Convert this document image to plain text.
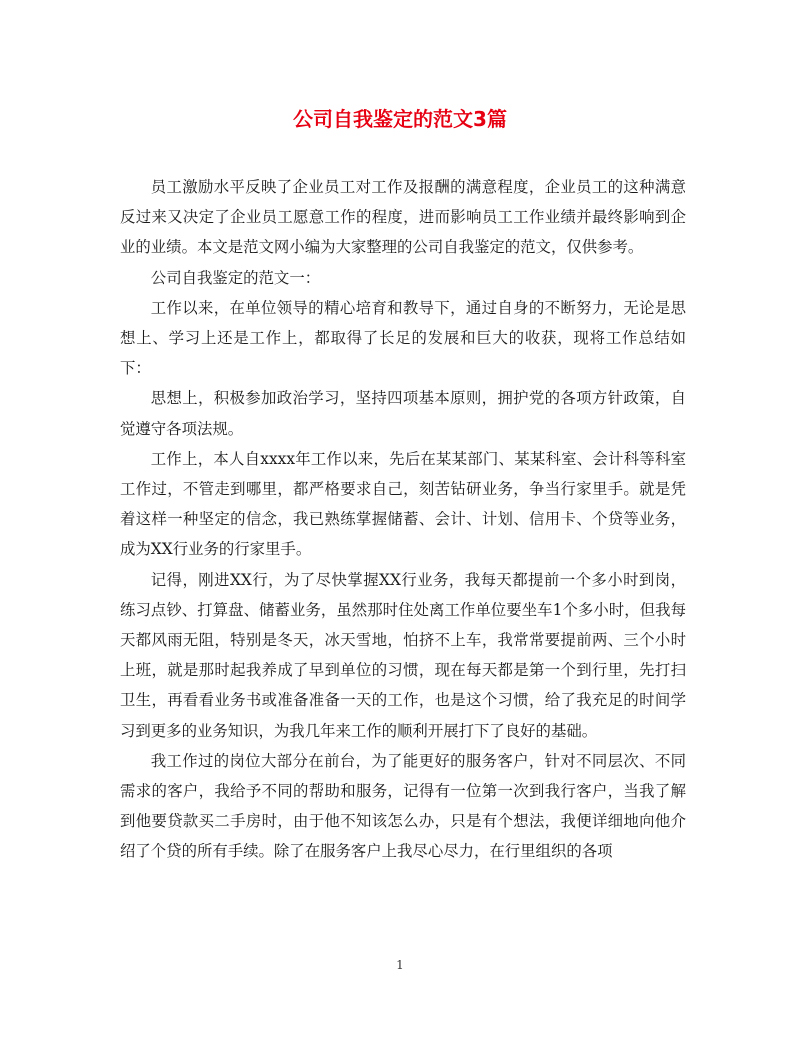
公司自我鉴定的范文3篇

员工激励水平反映了企业员工对工作及报酬的满意程度，企业员工的这种满意反过来又决定了企业员工愿意工作的程度，进而影响员工工作业绩并最终影响到企业的业绩。本文是范文网小编为大家整理的公司自我鉴定的范文，仅供参考。

公司自我鉴定的范文一：

工作以来，在单位领导的精心培育和教导下，通过自身的不断努力，无论是思想上、学习上还是工作上，都取得了长足的发展和巨大的收获，现将工作总结如下：

思想上，积极参加政治学习，坚持四项基本原则，拥护党的各项方针政策，自觉遵守各项法规。

工作上，本人自xxxx年工作以来，先后在某某部门、某某科室、会计科等科室工作过，不管走到哪里，都严格要求自己，刻苦钻研业务，争当行家里手。就是凭着这样一种坚定的信念，我已熟练掌握储蓄、会计、计划、信用卡、个贷等业务，成为XX行业务的行家里手。

记得，刚进XX行，为了尽快掌握XX行业务，我每天都提前一个多小时到岗，练习点钞、打算盘、储蓄业务，虽然那时住处离工作单位要坐车1个多小时，但我每天都风雨无阻，特别是冬天，冰天雪地，怕挤不上车，我常常要提前两、三个小时上班，就是那时起我养成了早到单位的习惯，现在每天都是第一个到行里，先打扫卫生，再看看业务书或准备准备一天的工作，也是这个习惯，给了我充足的时间学习到更多的业务知识，为我几年来工作的顺利开展打下了良好的基础。

我工作过的岗位大部分在前台，为了能更好的服务客户，针对不同层次、不同需求的客户，我给予不同的帮助和服务，记得有一位第一次到我行客户，当我了解到他要贷款买二手房时，由于他不知该怎么办，只是有个想法，我便详细地向他介绍了个贷的所有手续。除了在服务客户上我尽心尽力，在行里组织的各项

1
